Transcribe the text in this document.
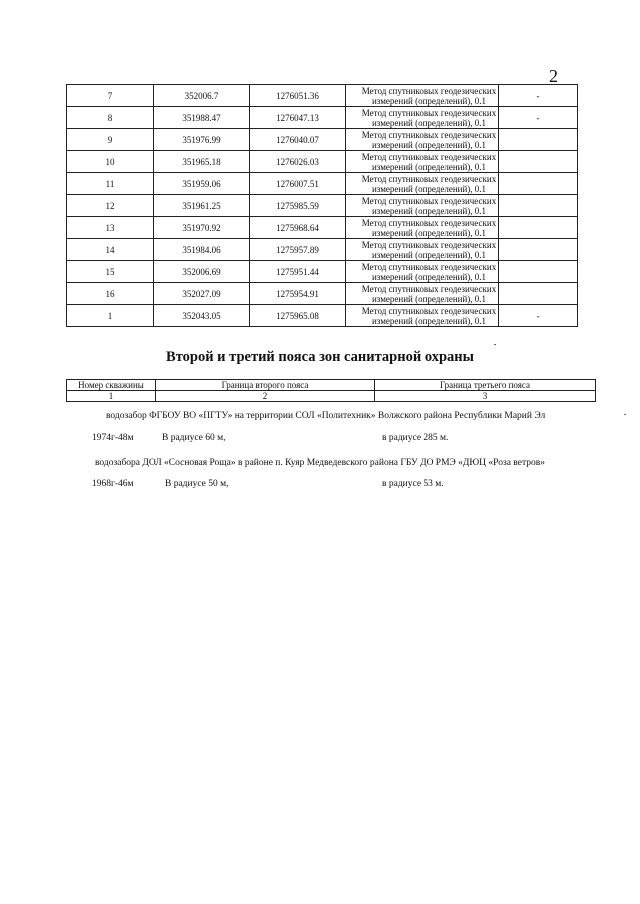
2
7	352006.7	1276051.36	Метод спутниковых геодезических измерений (определений), 0.1	-
8	351988.47	1276047.13	Метод спутниковых геодезических измерений (определений), 0.1	-
9	351976.99	1276040.07	Метод спутниковых геодезических измерений (определений), 0.1	

10	351965.18	1276026.03	Метод спутниковых геодезических измерений (определений), 0.1	

11	351959.06	1276007.51	Метод спутниковых геодезических измерений (определений), 0.1	

12	351961.25	1275985.59	Метод спутниковых геодезических измерений (определений), 0.1	

13	351970.92	1275968.64	Метод спутниковых геодезических измерений (определений), 0.1	

14	351984.06	1275957.89	Метод спутниковых геодезических измерений (определений), 0.1	

15	352006.69	1275951.44	Метод спутниковых геодезических измерений (определений), 0.1	

16	352027.09	1275954.91	Метод спутниковых геодезических измерений (определений), 0.1	

1	352043.05	1275965.08	Метод спутниковых геодезических измерений (определений), 0.1	-
Второй и третий пояса зон санитарной охраны
Номер скважины	Граница второго пояса	Граница третьего пояса
1	2	3
водозабор ФГБОУ ВО «ПГТУ» на территории СОЛ «Политехник» Волжского района Республики Марий Эл
1974г-48м	В радиусе 60 м,	в радиусе 285 м.
водозабора ДОЛ «Сосновая Роща» в районе п. Куяр Медведевского района ГБУ ДО РМЭ «ДЮЦ «Роза ветров»
1968г-46м	В радиусе 50 м,	в радиусе 53 м.
